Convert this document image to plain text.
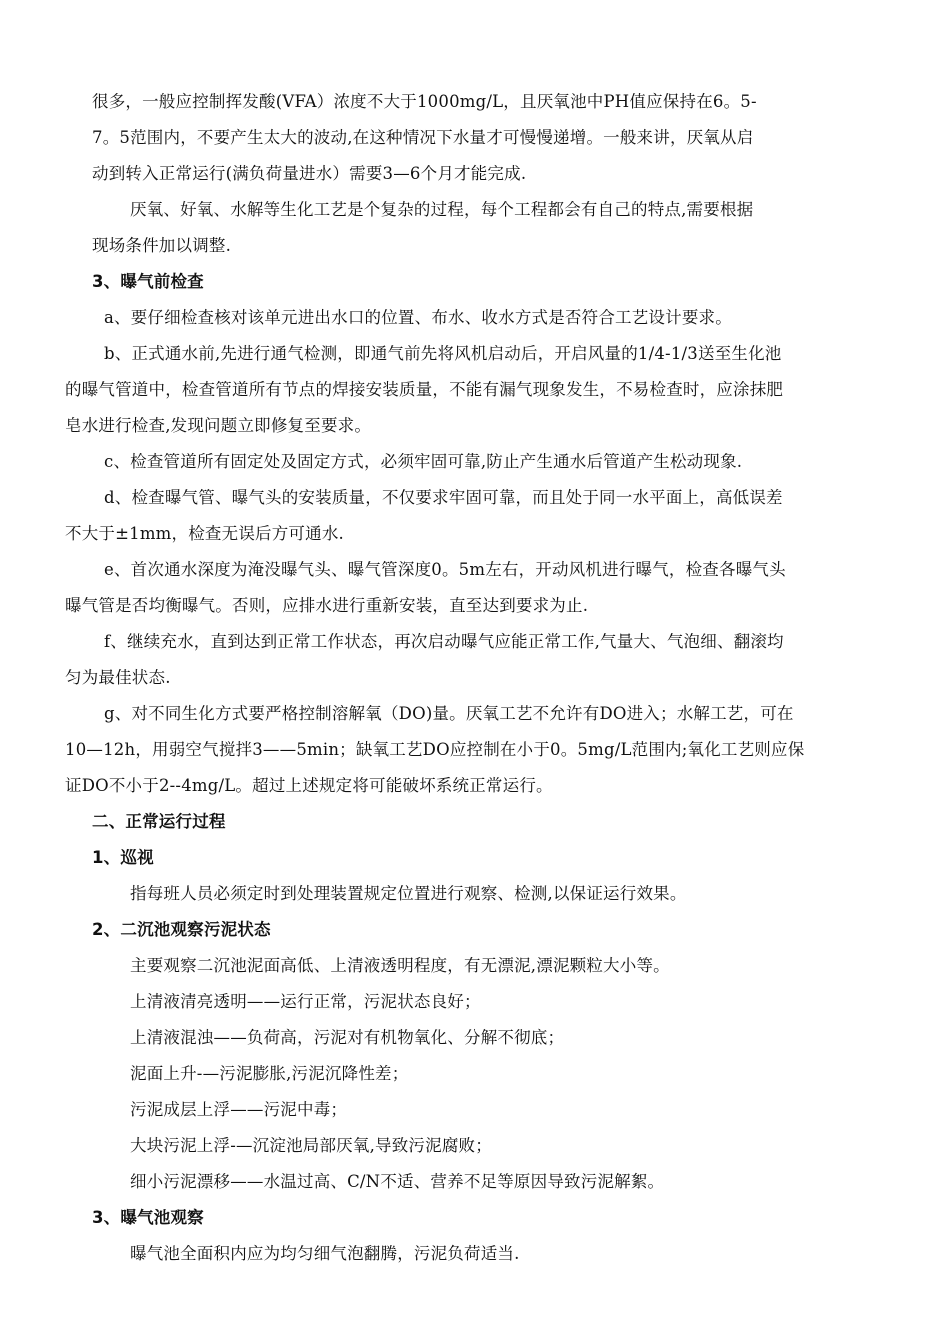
很多，一般应控制挥发酸(VFA）浓度不大于1000mg/L，且厌氧池中PH值应保持在6。5-
7。5范围内，不要产生太大的波动,在这种情况下水量才可慢慢递增。一般来讲，厌氧从启
动到转入正常运行(满负荷量进水）需要3—6个月才能完成.
厌氧、好氧、水解等生化工艺是个复杂的过程，每个工程都会有自己的特点,需要根据
现场条件加以调整.
3、曝气前检查
a、要仔细检查核对该单元进出水口的位置、布水、收水方式是否符合工艺设计要求。
b、正式通水前,先进行通气检测，即通气前先将风机启动后，开启风量的1/4-1/3送至生化池
的曝气管道中，检查管道所有节点的焊接安装质量，不能有漏气现象发生，不易检查时，应涂抹肥
皂水进行检查,发现问题立即修复至要求。
c、检查管道所有固定处及固定方式，必须牢固可靠,防止产生通水后管道产生松动现象.
d、检查曝气管、曝气头的安装质量，不仅要求牢固可靠，而且处于同一水平面上，高低误差
不大于±1mm，检查无误后方可通水.
e、首次通水深度为淹没曝气头、曝气管深度0。5m左右，开动风机进行曝气，检查各曝气头
曝气管是否均衡曝气。否则，应排水进行重新安装，直至达到要求为止.
f、继续充水，直到达到正常工作状态，再次启动曝气应能正常工作,气量大、气泡细、翻滚均
匀为最佳状态.
g、对不同生化方式要严格控制溶解氧（DO)量。厌氧工艺不允许有DO进入；水解工艺，可在
10—12h，用弱空气搅拌3——5min；缺氧工艺DO应控制在小于0。5mg/L范围内;氧化工艺则应保
证DO不小于2--4mg/L。超过上述规定将可能破坏系统正常运行。
二、正常运行过程
1、巡视
指每班人员必须定时到处理装置规定位置进行观察、检测,以保证运行效果。
2、二沉池观察污泥状态
主要观察二沉池泥面高低、上清液透明程度，有无漂泥,漂泥颗粒大小等。
上清液清亮透明——运行正常，污泥状态良好；
上清液混浊——负荷高，污泥对有机物氧化、分解不彻底；
泥面上升-—污泥膨胀,污泥沉降性差；
污泥成层上浮——污泥中毒；
大块污泥上浮-—沉淀池局部厌氧,导致污泥腐败；
细小污泥漂移——水温过高、C/N不适、营养不足等原因导致污泥解絮。
3、曝气池观察
曝气池全面积内应为均匀细气泡翻腾，污泥负荷适当.
